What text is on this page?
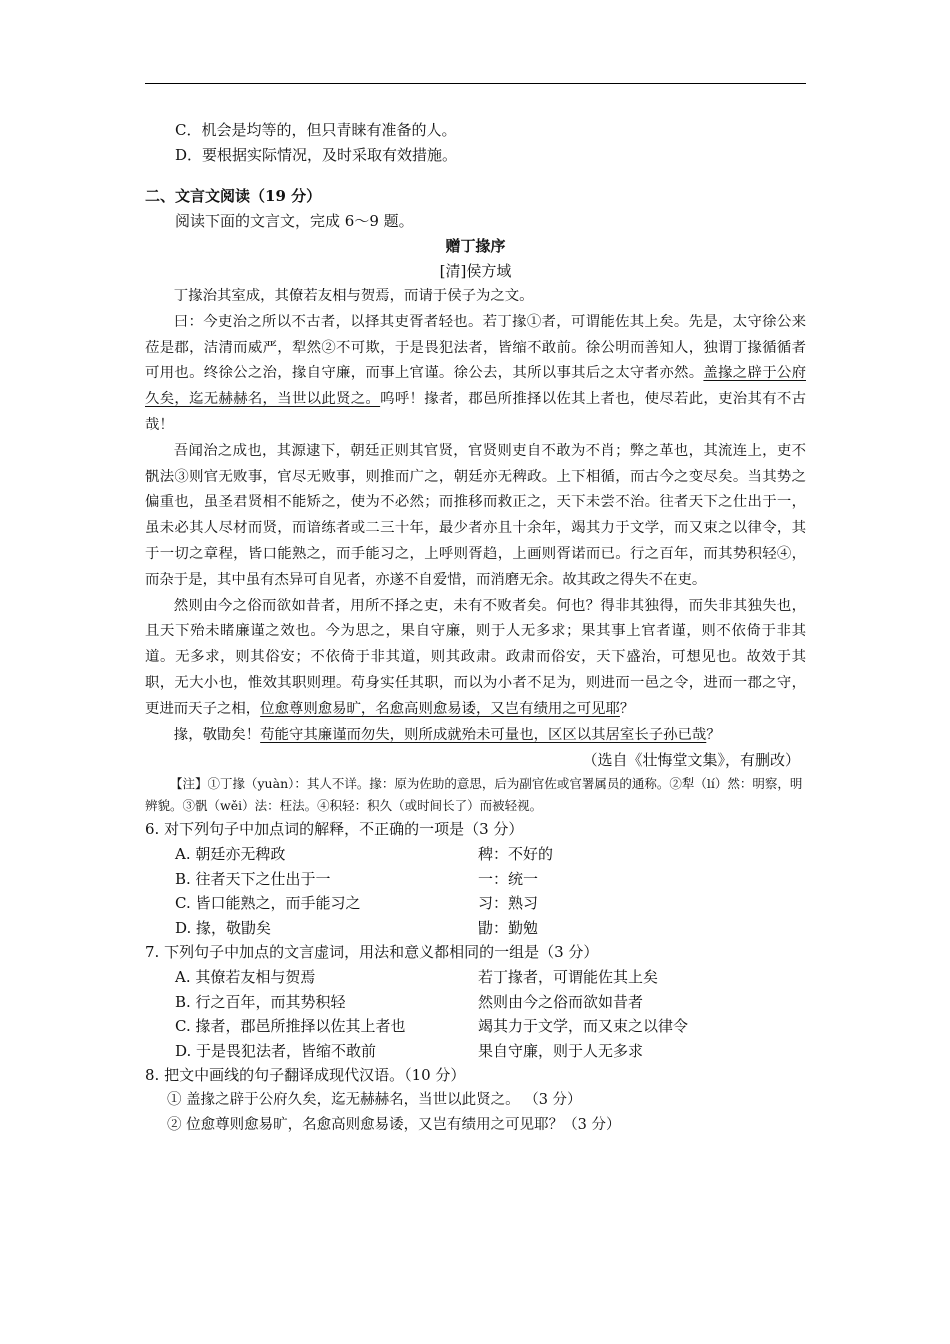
C．机会是均等的，但只青睐有准备的人。
D．要根据实际情况，及时采取有效措施。
二、文言文阅读（19 分）
阅读下面的文言文，完成 6～9 题。
赠丁掾序
[清]侯方域

丁掾治其室成，其僚若友相与贺焉，而请于侯子为之文。

曰：今吏治之所以不古者，以择其吏胥者轻也。若丁掾①者，可谓能佐其上矣。先是，太守徐公来莅是郡，洁清而威严，犁然②不可欺，于是畏犯法者，皆缩不敢前。徐公明而善知人，独谓丁掾循循者可用也。终徐公之治，掾自守廉，而事上官谨。徐公去，其所以事其后之太守者亦然。盖掾之辟于公府久矣，迄无赫赫名，当世以此贤之。呜呼！掾者，郡邑所推择以佐其上者也，使尽若此，吏治其有不古哉！

吾闻治之成也，其源逮下，朝廷正则其官贤，官贤则吏自不敢为不肖；弊之革也，其流连上，吏不骪法③则官无败事，官尽无败事，则推而广之，朝廷亦无稗政。上下相循，而古今之变尽矣。当其势之偏重也，虽圣君贤相不能矫之，使为不必然；而推移而救正之，天下未尝不治。往者天下之仕出于一，虽未必其人尽材而贤，而谙练者或二三十年，最少者亦且十余年，竭其力于文学，而又束之以律令，其于一切之章程，皆口能熟之，而手能习之，上呼则胥趋，上画则胥诺而已。行之百年，而其势积轻④，而杂于是，其中虽有杰异可自见者，亦遂不自爱惜，而消磨无余。故其政之得失不在吏。

然则由今之俗而欲如昔者，用所不择之吏，未有不败者矣。何也？得非其独得，而失非其独失也，且天下殆未睹廉谨之效也。今为思之，果自守廉，则于人无多求；果其事上官者谨，则不依倚于非其道。无多求，则其俗安；不依倚于非其道，则其政肃。政肃而俗安，天下盛治，可想见也。故效于其职，无大小也，惟效其职则理。苟身实任其职，而以为小者不足为，则进而一邑之令，进而一郡之守，更进而天子之相，位愈尊则愈易旷，名愈高则愈易诿，又岂有绩用之可见耶？

掾，敬勖矣！苟能守其廉谨而勿失，则所成就殆未可量也，区区以其居室长子孙已哉？

（选自《壮悔堂文集》，有删改）
【注】①丁掾（yuàn）：其人不详。掾：原为佐助的意思，后为副官佐或官署属员的通称。②犁（lí）然：明察，明辨貌。③骪（wěi）法：枉法。④积轻：积久（或时间长了）而被轻视。
6. 对下列句子中加点词的解释，不正确的一项是（3 分）
A. 朝廷亦无稗政	稗：不好的
B. 往者天下之仕出于一	一：统一
C. 皆口能熟之，而手能习之	习：熟习
D. 掾，敬勖矣	勖：勤勉
7. 下列句子中加点的文言虚词，用法和意义都相同的一组是（3 分）
A. 其僚若友相与贺焉	若丁掾者，可谓能佐其上矣
B. 行之百年，而其势积轻	然则由今之俗而欲如昔者
C. 掾者，郡邑所推择以佐其上者也	竭其力于文学，而又束之以律令
D. 于是畏犯法者，皆缩不敢前	果自守廉，则于人无多求
8. 把文中画线的句子翻译成现代汉语。（10 分）
① 盖掾之辟于公府久矣，迄无赫赫名，当世以此贤之。 （3 分）
② 位愈尊则愈易旷，名愈高则愈易诿，又岂有绩用之可见耶？（3 分）
